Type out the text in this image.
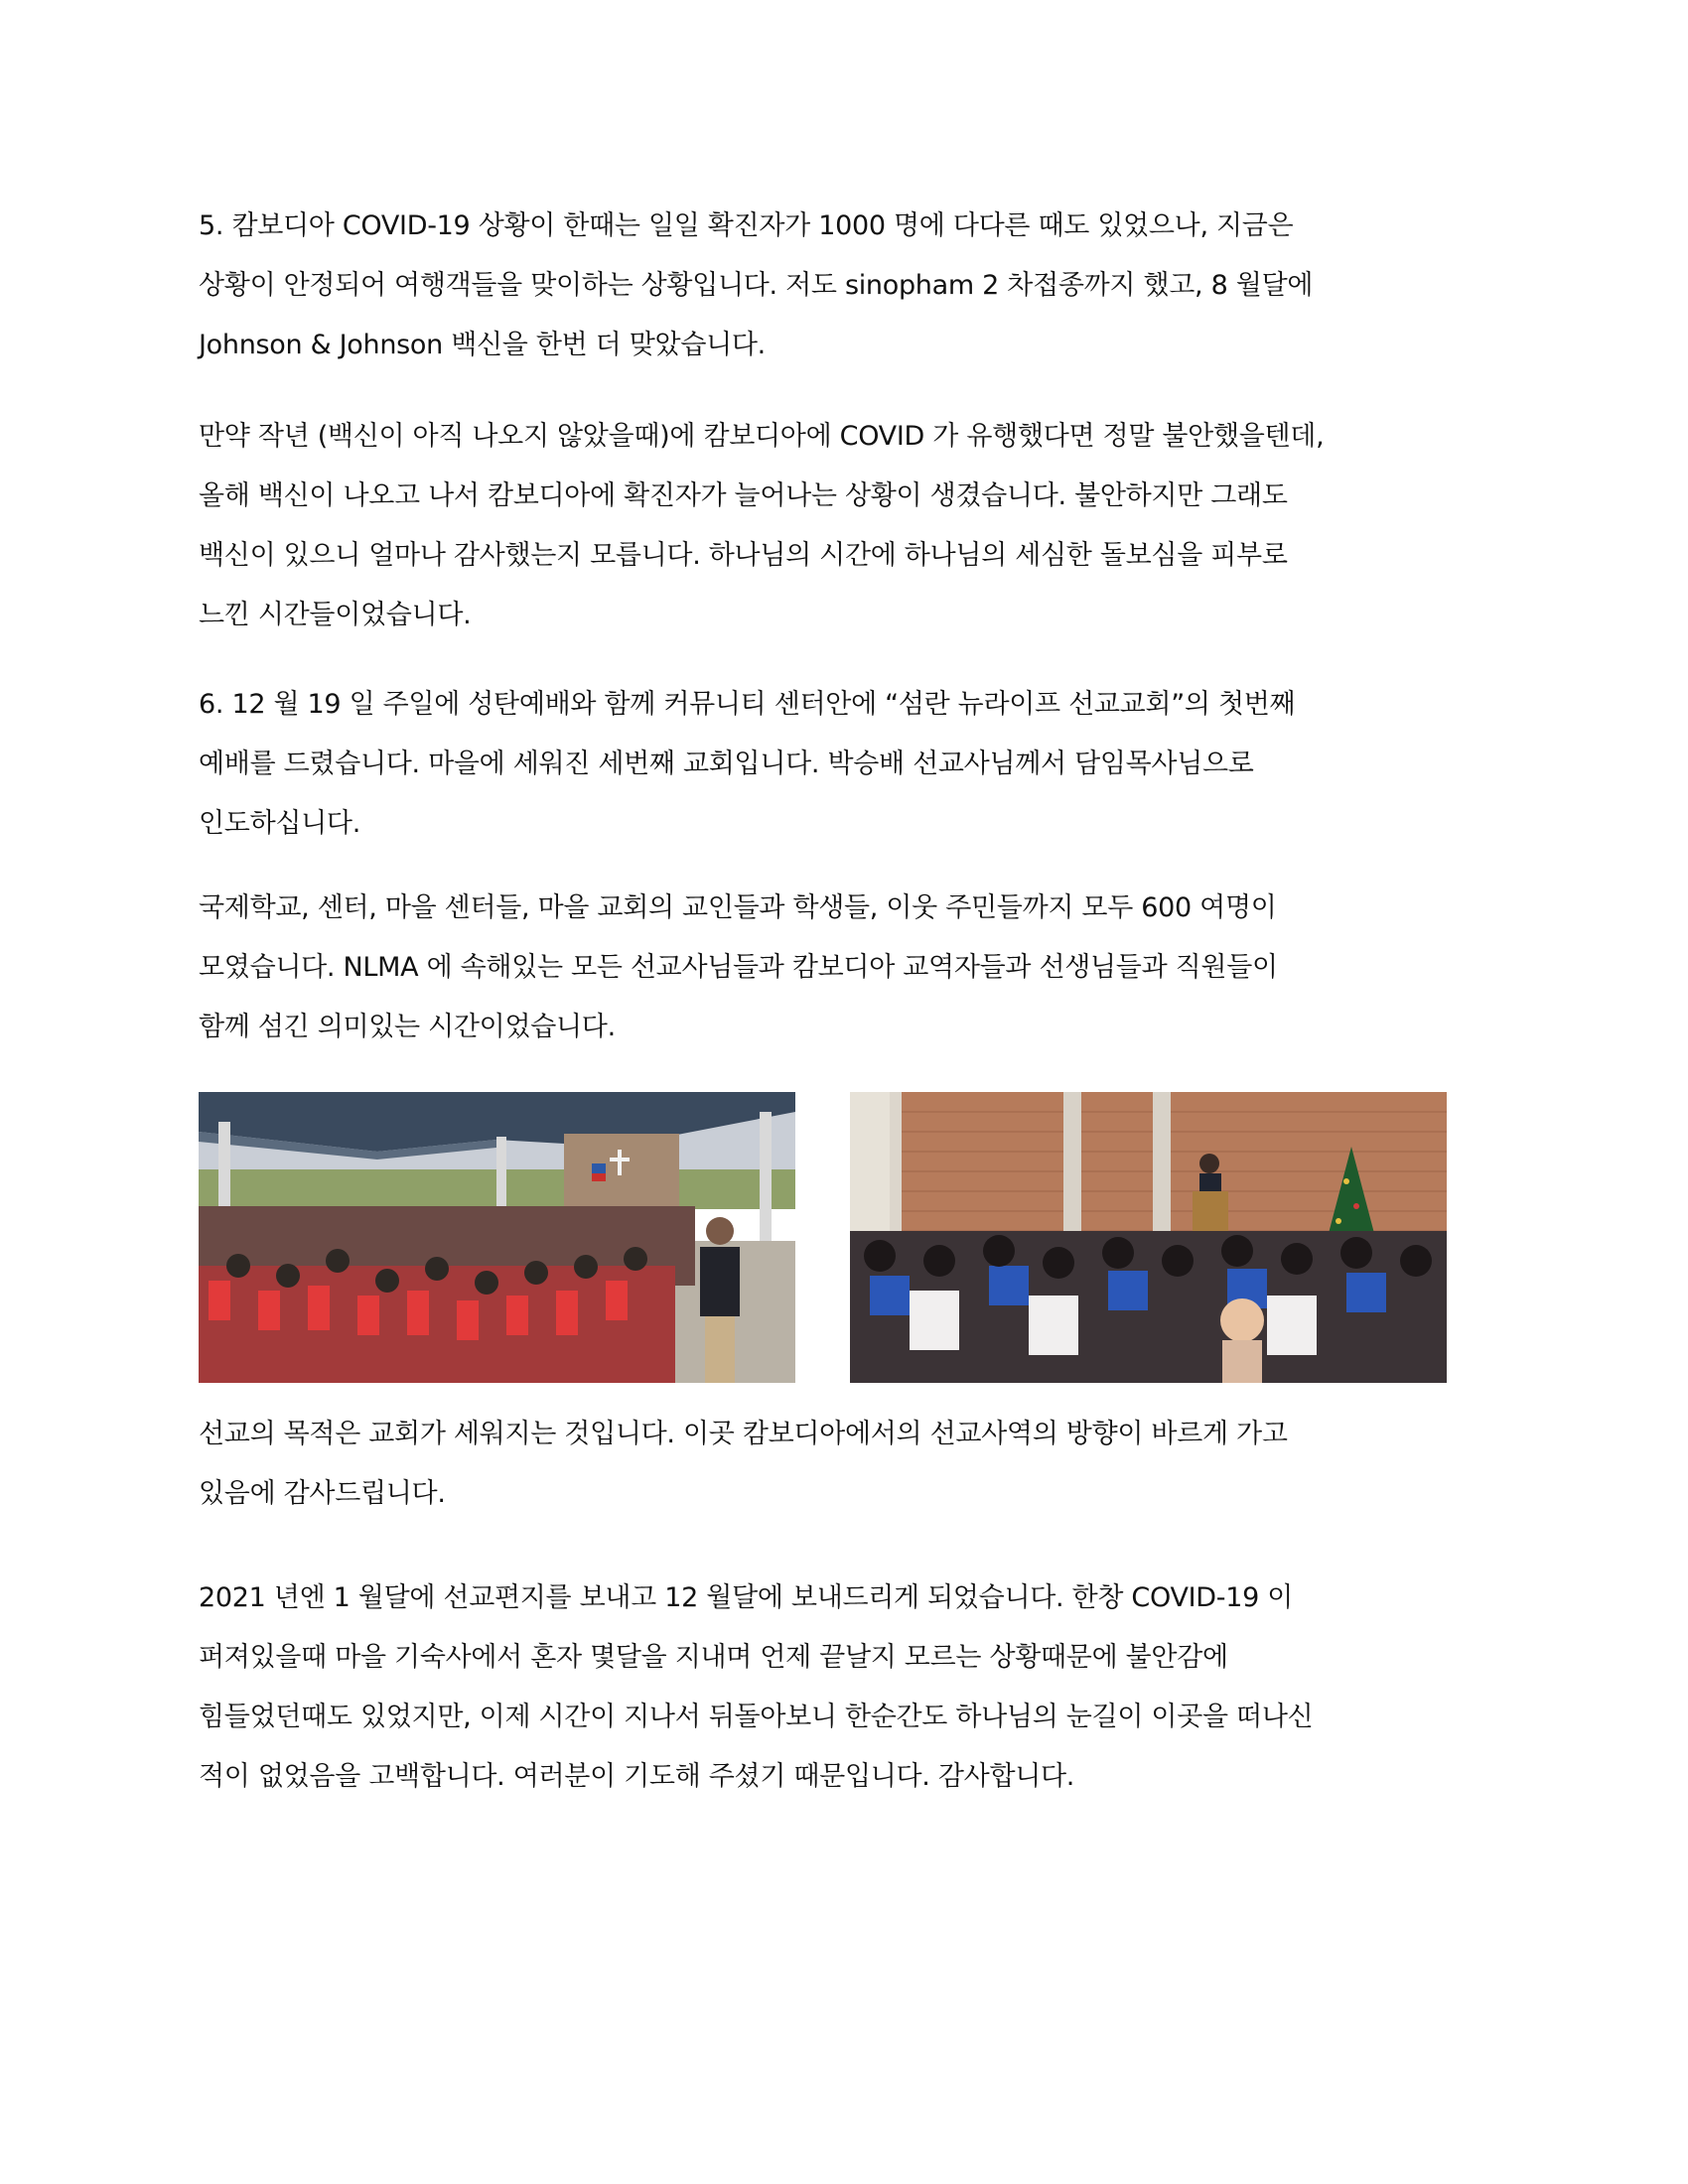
5. 캄보디아 COVID-19 상황이 한때는 일일 확진자가 1000 명에 다다른 때도 있었으나, 지금은
상황이 안정되어 여행객들을 맞이하는 상황입니다. 저도 sinopham 2 차접종까지 했고, 8 월달에
Johnson & Johnson 백신을 한번 더 맞았습니다.
만약 작년 (백신이 아직 나오지 않았을때)에 캄보디아에 COVID 가 유행했다면 정말 불안했을텐데,
올해 백신이 나오고 나서 캄보디아에 확진자가 늘어나는 상황이 생겼습니다. 불안하지만 그래도
백신이 있으니 얼마나 감사했는지 모릅니다. 하나님의 시간에 하나님의 세심한 돌보심을 피부로
느낀 시간들이었습니다.
6. 12 월 19 일 주일에 성탄예배와 함께 커뮤니티 센터안에 “섬란 뉴라이프 선교교회”의 첫번째
예배를 드렸습니다. 마을에 세워진 세번째 교회입니다. 박승배 선교사님께서 담임목사님으로
인도하십니다.
국제학교, 센터, 마을 센터들, 마을 교회의 교인들과 학생들, 이웃 주민들까지 모두 600 여명이
모였습니다. NLMA 에 속해있는 모든 선교사님들과 캄보디아 교역자들과 선생님들과 직원들이
함께 섬긴 의미있는 시간이었습니다.
선교의 목적은 교회가 세워지는 것입니다. 이곳 캄보디아에서의 선교사역의 방향이 바르게 가고
있음에 감사드립니다.
2021 년엔 1 월달에 선교편지를 보내고 12 월달에 보내드리게 되었습니다. 한창 COVID-19 이
퍼져있을때 마을 기숙사에서 혼자 몇달을 지내며 언제 끝날지 모르는 상황때문에 불안감에
힘들었던때도 있었지만, 이제 시간이 지나서 뒤돌아보니 한순간도 하나님의 눈길이 이곳을 떠나신
적이 없었음을 고백합니다. 여러분이 기도해 주셨기 때문입니다. 감사합니다.
